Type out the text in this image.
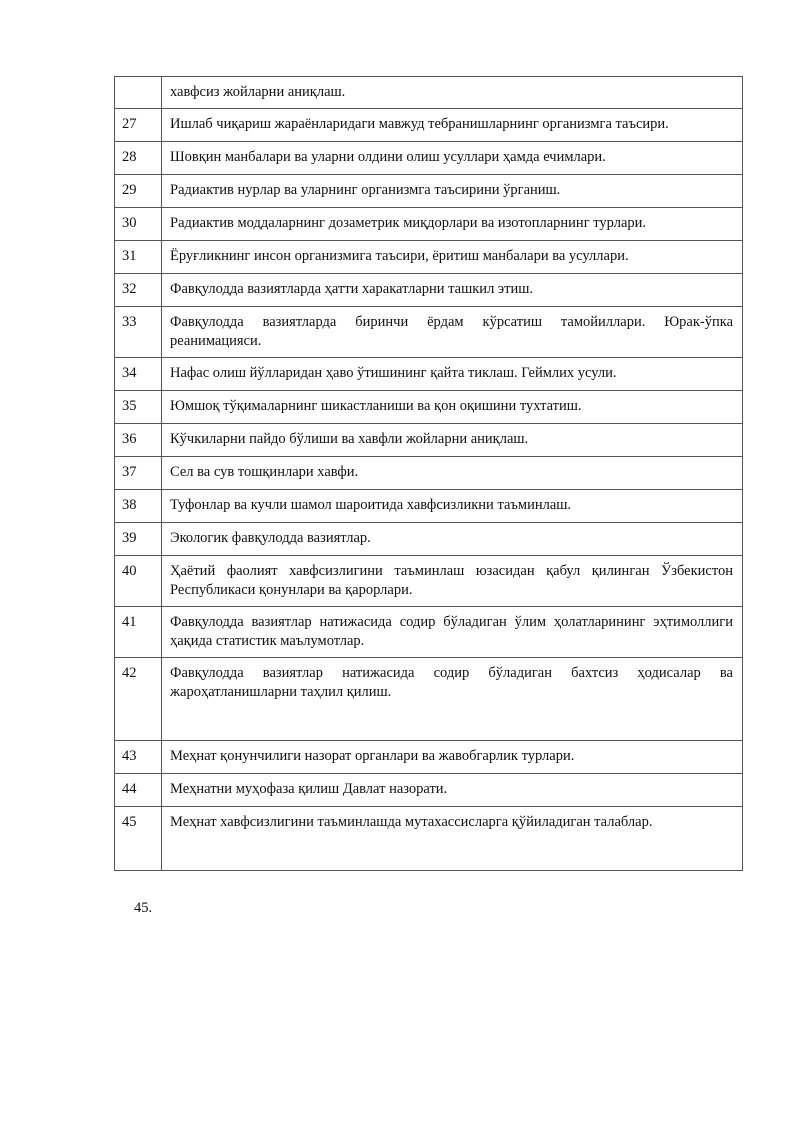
	хавфсиз жойларни аниқлаш.
27	Ишлаб чиқариш жараёнларидаги мавжуд тебранишларнинг организмга таъсири.
28	Шовқин манбалари ва уларни олдини олиш усуллари ҳамда ечимлари.
29	Радиактив нурлар ва уларнинг организмга таъсирини ўрганиш.
30	Радиактив моддаларнинг дозаметрик миқдорлари ва изотопларнинг турлари.
31	Ёруғликнинг инсон организмига таъсири, ёритиш манбалари ва усуллари.
32	Фавқулодда вазиятларда ҳатти харакатларни ташкил этиш.
33	Фавқулодда вазиятларда биринчи ёрдам кўрсатиш тамойиллари. Юрак-ўпка реанимацияси.
34	Нафас олиш йўлларидан ҳаво ўтишининг қайта тиклаш. Геймлих усули.
35	Юмшоқ тўқималарнинг шикастланиши ва қон оқишини тухтатиш.
36	Кўчкиларни пайдо бўлиши ва хавфли жойларни аниқлаш.
37	Сел ва сув тошқинлари хавфи.
38	Туфонлар ва кучли шамол шароитида хавфсизликни таъминлаш.
39	Экологик фавқулодда вазиятлар.
40	Ҳаётий фаолият хавфсизлигини таъминлаш юзасидан қабул қилинган Ўзбекистон Республикаси қонунлари ва қарорлари.
41	Фавқулодда вазиятлар натижасида содир бўладиган ўлим ҳолатларининг эҳтимоллиги ҳақида статистик маълумотлар.
42	Фавқулодда вазиятлар натижасида содир бўладиган бахтсиз ҳодисалар ва жароҳатланишларни таҳлил қилиш.
43	Меҳнат қонунчилиги назорат органлари ва жавобгарлик турлари.
44	Меҳнатни муҳофаза қилиш Давлат назорати.
45	Меҳнат хавфсизлигини таъминлашда мутахассисларга қўйиладиган талаблар.
45.
